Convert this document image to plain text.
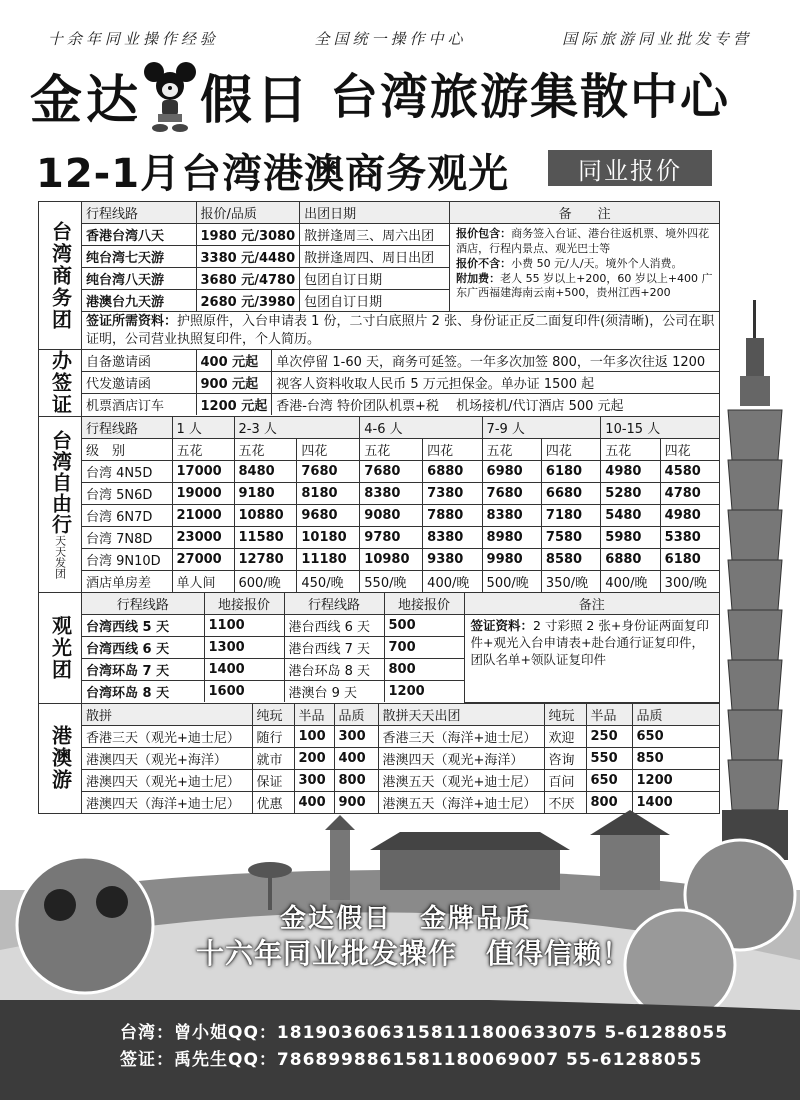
十余年同业操作经验	全国统一操作中心	国际旅游同业批发专营
金达 假日 台湾旅游集散中心
12-1月台湾港澳商务观光	同业报价
台湾商务团
行程线路	报价/品质	出团日期	备　　注
香港台湾八天	1980 元/3080	散拼逢周三、周六出团	报价包含：商务签入台证、港台往返机票、境外四花酒店，行程内景点、观光巴士等
报价不含：小费 50 元/人/天。境外个人消费。
附加费：老人 55 岁以上+200，60 岁以上+400 广东广西福建海南云南+500，贵州江西+200
纯台湾七天游	3380 元/4480	散拼逢周四、周日出团	
纯台湾八天游	3680 元/4780	包团自订日期	
港澳台九天游	2680 元/3980	包团自订日期	
签证所需资料：护照原件，入台申请表 1 份，二寸白底照片 2 张、身份证正反二面复印件(须清晰)，公司在职证明，公司营业执照复印件，个人简历。			
办签证	自备邀请函	400 元起	单次停留 1-60 天，商务可延签。一年多次加签 800，一年多次往返 1200
代发邀请函	900 元起	视客人资料收取人民币 5 万元担保金。单办证 1500 起
机票酒店订车	1200 元起	香港-台湾 特价团队机票+税　 机场接机/代订酒店 500 元起
台湾自由行
天天发团
行程线路	1 人	2-3 人		4-6 人		7-9 人		10-15 人	
级　别	五花	五花	四花	五花	四花	五花	四花	五花	四花
台湾 4N5D	17000	8480	7680	7680	6880	6980	6180	4980	4580
台湾 5N6D	19000	9180	8180	8380	7380	7680	6680	5280	4780
台湾 6N7D	21000	10880	9680	9080	7880	8380	7180	5480	4980
台湾 7N8D	23000	11580	10180	9780	8380	8980	7580	5980	5380
台湾 9N10D	27000	12780	11180	10980	9380	9980	8580	6880	6180
酒店单房差	单人间	600/晚	450/晚	550/晚	400/晚	500/晚	350/晚	400/晚	300/晚
观光团
行程线路	地接报价	行程线路	地接报价	备注
台湾西线 5 天	1100	港台西线 6 天	500	签证资料：2 寸彩照 2 张+身份证两面复印件+观光入台申请表+赴台通行证复印件，团队名单+领队证复印件
台湾西线 6 天	1300	港台西线 7 天	700	
台湾环岛 7 天	1400	港台环岛 8 天	800	
台湾环岛 8 天	1600	港澳台 9 天	1200	
港澳游
散拼	纯玩	半品	品质	散拼天天出团	纯玩	半品	品质
香港三天（观光+迪士尼）	随行	100	300	香港三天（海洋+迪士尼）	欢迎	250	650
港澳四天（观光+海洋）	就市	200	400	港澳四天（观光+海洋）	咨询	550	850
港澳四天（观光+迪士尼）	保证	300	800	港澳五天（观光+迪士尼）	百问	650	1200
港澳四天（海洋+迪士尼）	优惠	400	900	港澳五天（海洋+迪士尼）	不厌	800	1400
金达假日　金牌品质
十六年同业批发操作　值得信赖！
台湾：曾小姐QQ：1819036063158111800633075 5-61288055
签证：禹先生QQ：7868998861581180069007 55-61288055
